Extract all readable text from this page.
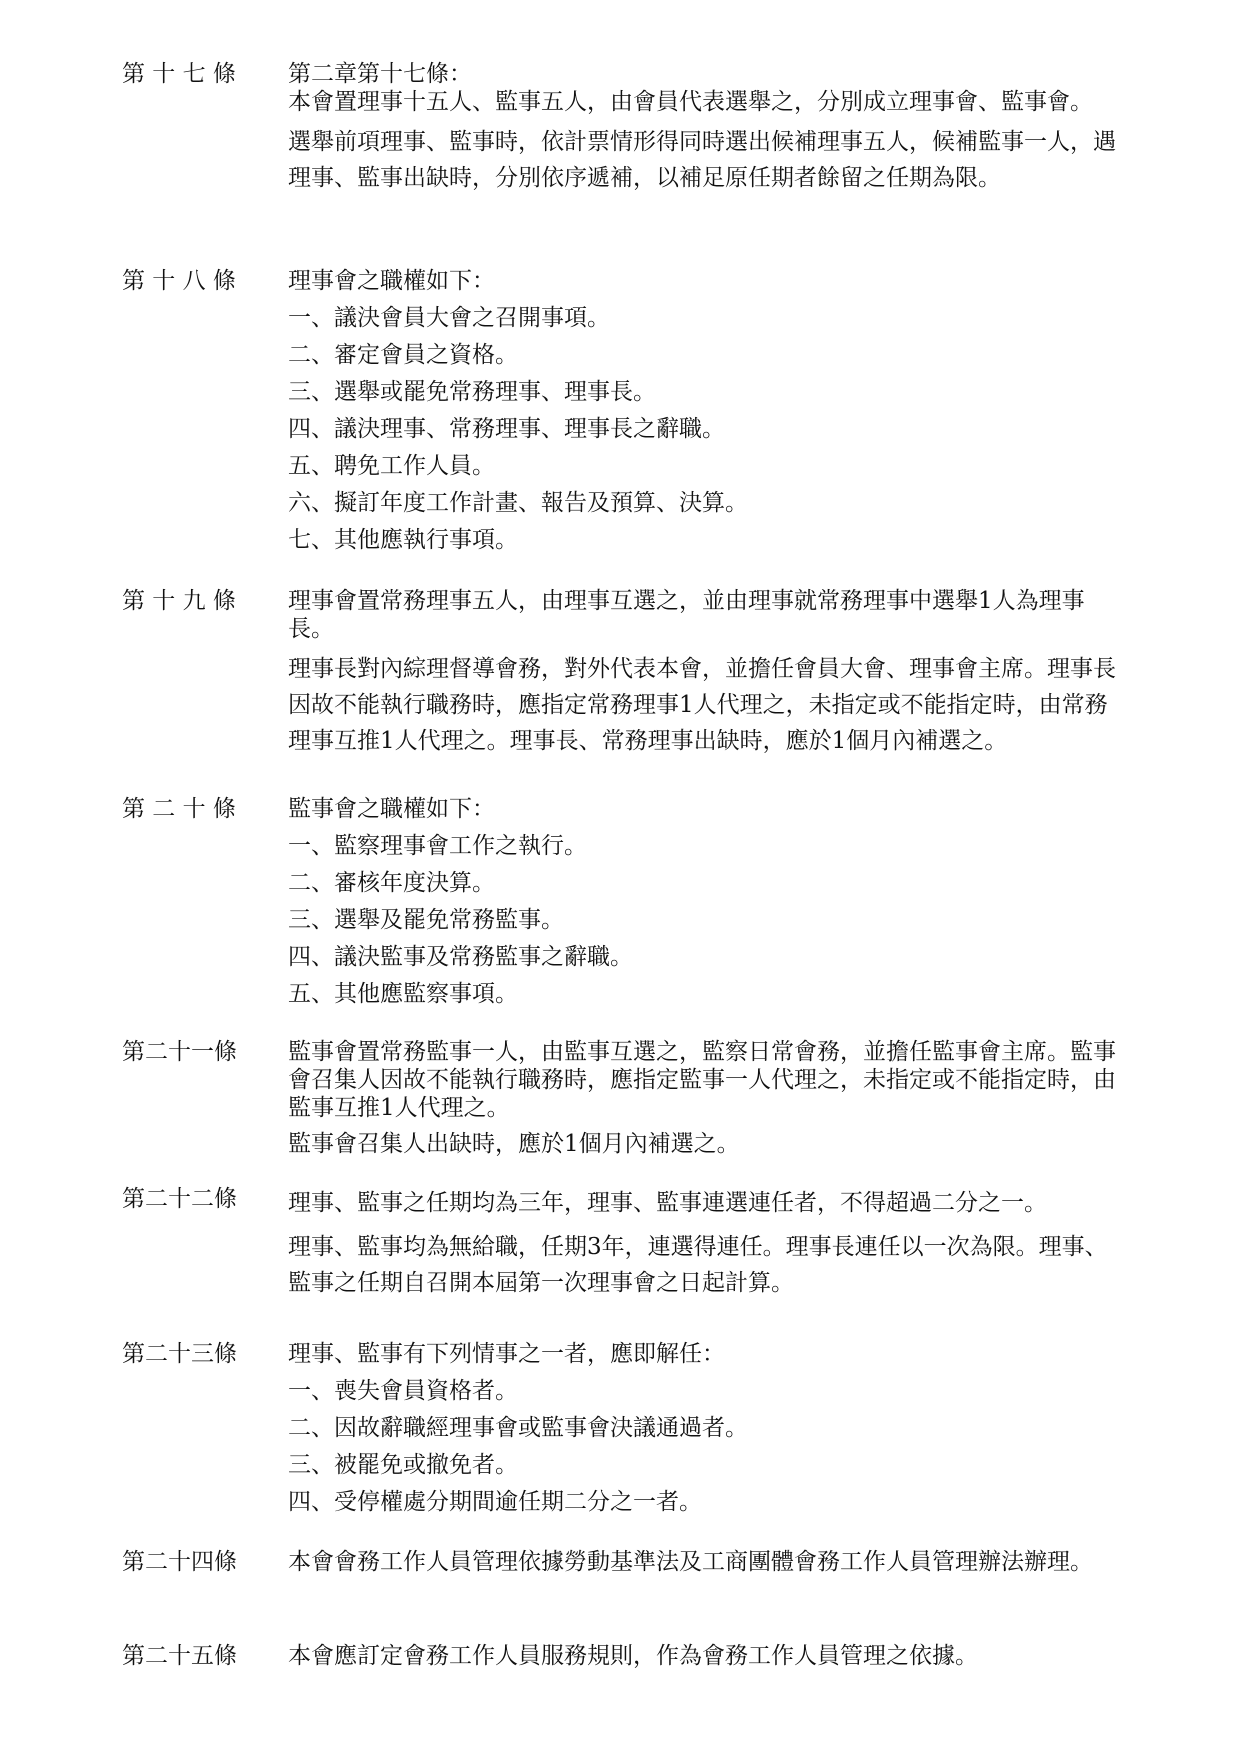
第 十 七 條	第二章第十七條：
本會置理事十五人、監事五人，由會員代表選舉之，分別成立理事會、監事會。
選舉前項理事、監事時，依計票情形得同時選出候補理事五人，候補監事一人，遇理事、監事出缺時，分別依序遞補，以補足原任期者餘留之任期為限。
第 十 八 條	理事會之職權如下：
一、議決會員大會之召開事項。
二、審定會員之資格。
三、選舉或罷免常務理事、理事長。
四、議決理事、常務理事、理事長之辭職。
五、聘免工作人員。
六、擬訂年度工作計畫、報告及預算、決算。
七、其他應執行事項。
第 十 九 條	理事會置常務理事五人，由理事互選之，並由理事就常務理事中選舉1人為理事長。
理事長對內綜理督導會務，對外代表本會，並擔任會員大會、理事會主席。理事長因故不能執行職務時，應指定常務理事1人代理之，未指定或不能指定時，由常務理事互推1人代理之。理事長、常務理事出缺時，應於1個月內補選之。
第 二 十 條	監事會之職權如下：
一、監察理事會工作之執行。
二、審核年度決算。
三、選舉及罷免常務監事。
四、議決監事及常務監事之辭職。
五、其他應監察事項。
第二十一條	監事會置常務監事一人，由監事互選之，監察日常會務，並擔任監事會主席。監事會召集人因故不能執行職務時，應指定監事一人代理之，未指定或不能指定時，由監事互推1人代理之。
監事會召集人出缺時，應於1個月內補選之。
第二十二條	理事、監事之任期均為三年，理事、監事連選連任者，不得超過二分之一。
理事、監事均為無給職，任期3年，連選得連任。理事長連任以一次為限。理事、監事之任期自召開本屆第一次理事會之日起計算。
第二十三條	理事、監事有下列情事之一者，應即解任：
一、喪失會員資格者。
二、因故辭職經理事會或監事會決議通過者。
三、被罷免或撤免者。
四、受停權處分期間逾任期二分之一者。
第二十四條	本會會務工作人員管理依據勞動基準法及工商團體會務工作人員管理辦法辦理。
第二十五條	本會應訂定會務工作人員服務規則，作為會務工作人員管理之依據。
